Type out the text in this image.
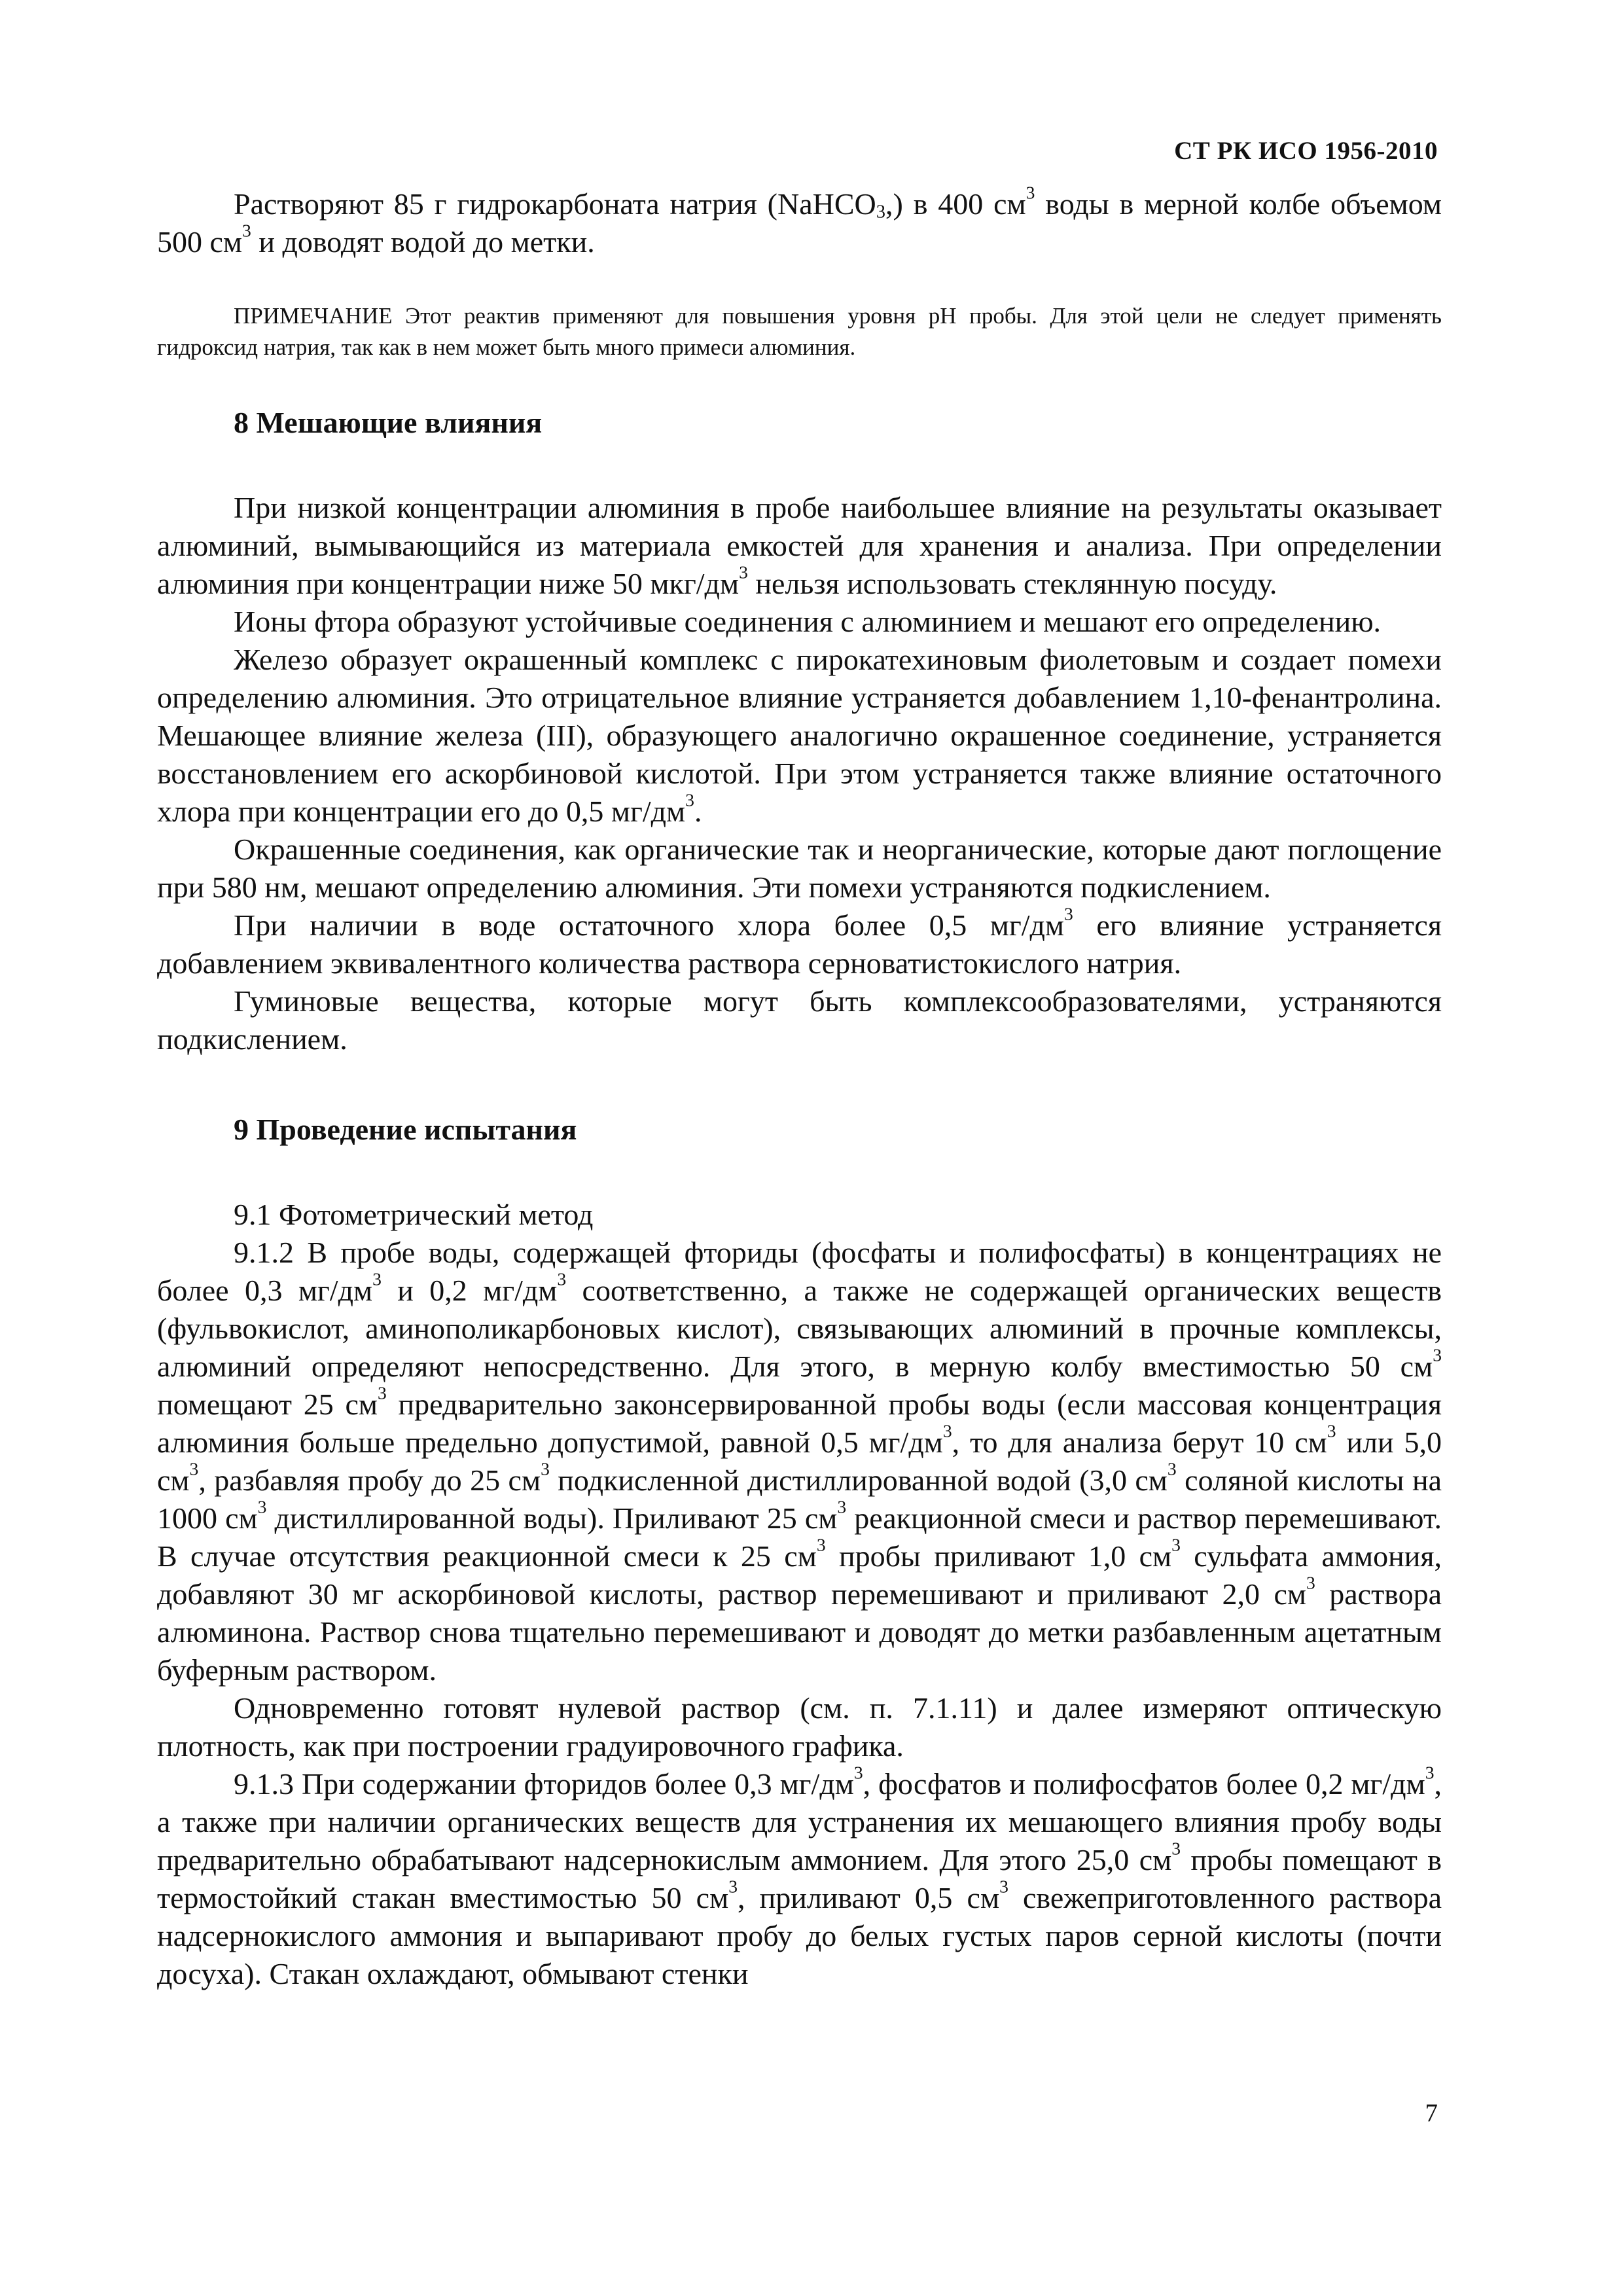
СТ РК ИСО 1956-2010

Растворяют 85 г гидрокарбоната натрия (NaHCO$_3$,) в 400 $см^3$ воды в мерной колбе объемом 500 $см^3$ и доводят водой до метки.

ПРИМЕЧАНИЕ Этот реактив применяют для повышения уровня pH пробы. Для этой цели не следует применять гидроксид натрия, так как в нем может быть много примеси алюминия.

8 Мешающие влияния

При низкой концентрации алюминия в пробе наибольшее влияние на результаты оказывает алюминий, вымывающийся из материала емкостей для хранения и анализа. При определении алюминия при концентрации ниже 50 мкг/$дм^3$ нельзя использовать стеклянную посуду.

Ионы фтора образуют устойчивые соединения с алюминием и мешают его определению.

Железо образует окрашенный комплекс с пирокатехиновым фиолетовым и создает помехи определению алюминия. Это отрицательное влияние устраняется добавлением 1,10-фенантролина. Мешающее влияние железа (III), образующего аналогично окрашенное соединение, устраняется восстановлением его аскорбиновой кислотой. При этом устраняется также влияние остаточного хлора при концентрации его до 0,5 $мг/дм^3$.

Окрашенные соединения, как органические так и неорганические, которые дают поглощение при 580 нм, мешают определению алюминия. Эти помехи устраняются подкислением.

При наличии в воде остаточного хлора более 0,5 $мг/дм^3$ его влияние устраняется добавлением эквивалентного количества раствора серноватистокислого натрия.

Гуминовые вещества, которые могут быть комплексообразователями, устраняются подкислением.

9 Проведение испытания

9.1 Фотометрический метод

9.1.2 В пробе воды, содержащей фториды (фосфаты и полифосфаты) в концентрациях не более 0,3 $мг/дм^3$ и 0,2 $мг/дм^3$ соответственно, а также не содержащей органических веществ (фульвокислот, аминополикарбоновых кислот), связывающих алюминий в прочные комплексы, алюминий определяют непосредственно. Для этого, в мерную колбу вместимостью 50 $см^3$ помещают 25 $см^3$ предварительно законсервированной пробы воды (если массовая концентрация алюминия больше предельно допустимой, равной 0,5 $мг/дм^3$, то для анализа берут 10 $см^3$ или 5,0 $см^3$, разбавляя пробу до 25 $см^3$ подкисленной дистиллированной водой (3,0 $см^3$ соляной кислоты на 1000 $см^3$ дистиллированной воды). Приливают 25 $см^3$ реакционной смеси и раствор перемешивают. В случае отсутствия реакционной смеси к 25 $см^3$ пробы приливают 1,0 $см^3$ сульфата аммония, добавляют 30 мг аскорбиновой кислоты, раствор перемешивают и приливают 2,0 $см^3$ раствора алюминона. Раствор снова тщательно перемешивают и доводят до метки разбавленным ацетатным буферным раствором.

Одновременно готовят нулевой раствор (см. п. 7.1.11) и далее измеряют оптическую плотность, как при построении градуировочного графика.

9.1.3 При содержании фторидов более 0,3 $мг/дм^3$, фосфатов и полифосфатов более 0,2 $мг/дм^3$, а также при наличии органических веществ для устранения их мешающего влияния пробу воды предварительно обрабатывают надсернокислым аммонием. Для этого 25,0 $см^3$ пробы помещают в термостойкий стакан вместимостью 50 $см^3$, приливают 0,5 $см^3$ свежеприготовленного раствора надсернокислого аммония и выпаривают пробу до белых густых паров серной кислоты (почти досуха). Стакан охлаждают, обмывают стенки

7
